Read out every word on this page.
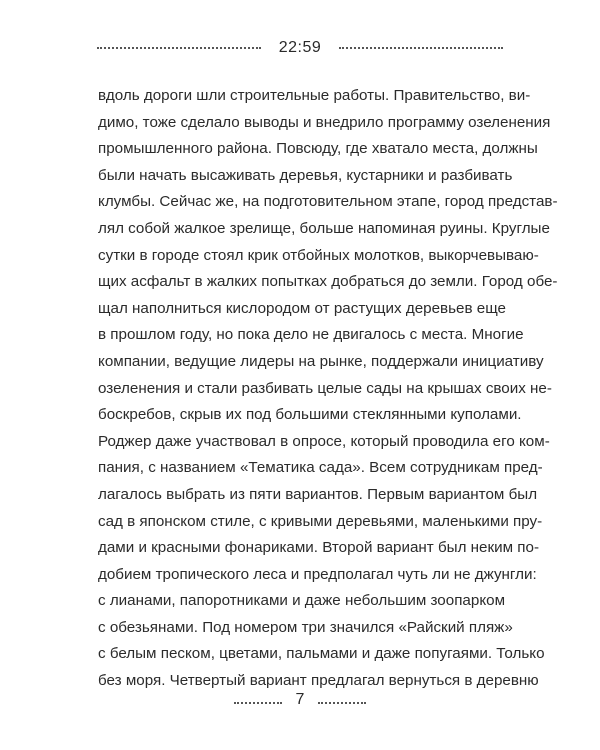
22:59
вдоль дороги шли строительные работы. Правительство, ви-
димо, тоже сделало выводы и внедрило программу озеленения
промышленного района. Повсюду, где хватало места, должны
были начать высаживать деревья, кустарники и разбивать
клумбы. Сейчас же, на подготовительном этапе, город представ-
лял собой жалкое зрелище, больше напоминая руины. Круглые
сутки в городе стоял крик отбойных молотков, выкорчевываю-
щих асфальт в жалких попытках добраться до земли. Город обе-
щал наполниться кислородом от растущих деревьев еще
в прошлом году, но пока дело не двигалось с места. Многие
компании, ведущие лидеры на рынке, поддержали инициативу
озеленения и стали разбивать целые сады на крышах своих не-
боскребов, скрыв их под большими стеклянными куполами.
Роджер даже участвовал в опросе, который проводила его ком-
пания, с названием «Тематика сада». Всем сотрудникам пред-
лагалось выбрать из пяти вариантов. Первым вариантом был
сад в японском стиле, с кривыми деревьями, маленькими пру-
дами и красными фонариками. Второй вариант был неким по-
добием тропического леса и предполагал чуть ли не джунгли:
с лианами, папоротниками и даже небольшим зоопарком
с обезьянами. Под номером три значился «Райский пляж»
с белым песком, цветами, пальмами и даже попугаями. Только
без моря. Четвертый вариант предлагал вернуться в деревню
7
